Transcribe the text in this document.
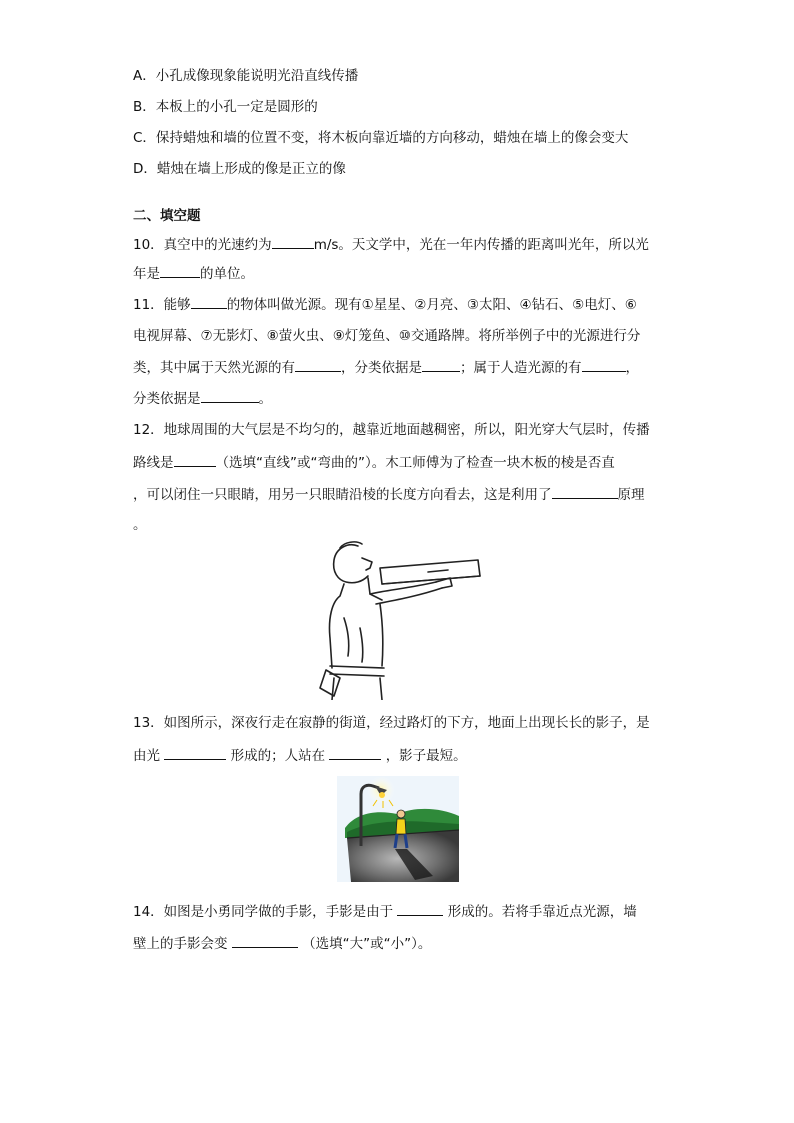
A．小孔成像现象能说明光沿直线传播
B．本板上的小孔一定是圆形的
C．保持蜡烛和墙的位置不变，将木板向靠近墙的方向移动，蜡烛在墙上的像会变大
D．蜡烛在墙上形成的像是正立的像
二、填空题
10．真空中的光速约为	m/s。天文学中，光在一年内传播的距离叫光年，所以光
年是	的单位。
11．能够	的物体叫做光源。现有①星星、②月亮、③太阳、④钻石、⑤电灯、⑥
电视屏幕、⑦无影灯、⑧萤火虫、⑨灯笼鱼、⑩交通路牌。将所举例子中的光源进行分
类，其中属于天然光源的有	，分类依据是	；属于人造光源的有	，
分类依据是	。
12．地球周围的大气层是不均匀的，越靠近地面越稠密，所以，阳光穿大气层时，传播
路线是	（选填“直线”或“弯曲的”）。木工师傅为了检查一块木板的棱是否直
，可以闭住一只眼睛，用另一只眼睛沿棱的长度方向看去，这是利用了	原理
。
13．如图所示，深夜行走在寂静的街道，经过路灯的下方，地面上出现长长的影子，是
由光	形成的；人站在	，影子最短。
14．如图是小勇同学做的手影，手影是由于	形成的。若将手靠近点光源，墙
壁上的手影会变	（选填“大”或“小”）。
